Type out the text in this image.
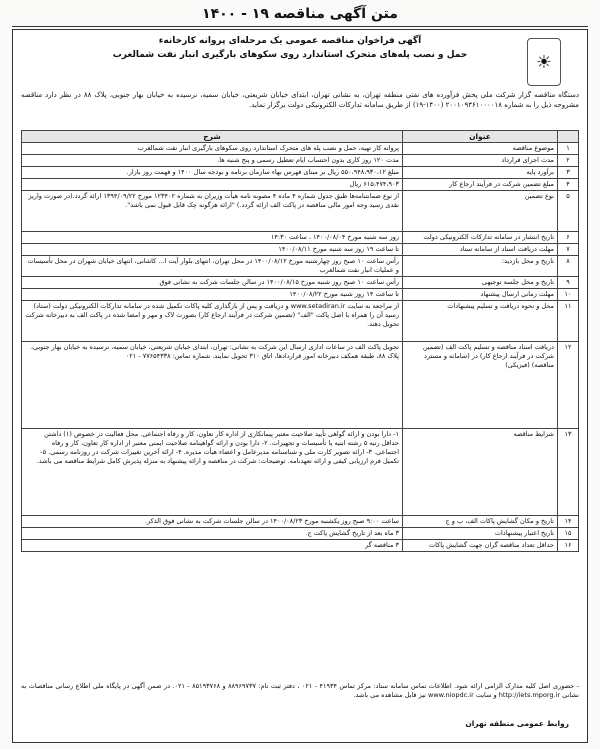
متن آگهی مناقصه ۱۹ - ۱۴۰۰
☀
آگهی فراخوان مناقصه عمومی یک مرحله‌ای پروانه کارخانه‌ء
حمل و نصب پله‌های متحرک استاندارد روی سکوهای بارگیری انبار نفت شمالغرب
دستگاه مناقصه گزار شرکت ملی پخش فرآورده های نفتی منطقه تهران، به نشانی تهران، ابتدای خیابان شریعتی، خیابان سمیه، نرسیده به خیابان بهار جنوبی، پلاک ۸۸ در نظر دارد مناقصه مشروحه ذیل را به شماره ۲۰۰۱۰۹۳۶۱۰۰۰۰۱۸ (۱۴۰۰-۱۹) از طریق سامانه تدارکات الکترونیکی دولت برگزار نماید.
	عنوان	شرح
۱	موضوع مناقصه	پروانه کار تهیه، حمل و نصب پله های متحرک استاندارد روی سکوهای بارگیری انبار نفت شمالغرب
۲	مدت اجرای قرارداد	مدت ۱۲۰ روز کاری بدون احتساب ایام تعطیل رسمی و پنج شنبه ها.
۳	برآورد پایه	مبلغ ۵۵۰،۹۴۸،۹۳۰،۱۲ ریال بر مبنای فهرس بهاء سازمان برنامه و بودجه سال ۱۴۰۰ و فهمت روز بازار.
۴	مبلغ تضمین شرکت در فرآیند ارجاع کار	۶۱۵،۴۷۴،۹۰۳ ریال
۵	نوع تضمین	از نوع ضمانتنامه‌ها طبق جدول شماره ۴ ماده ۴ مصوبه نامه هیأت وزیران به شماره ۱۲۳۴۰۲ مورخ ۱۳۹۴/۰۹/۲۲ ارائه گردد.(در صورت واریز نقدی رسید وجه امور مالی مناقصه در پاکت الف ارائه گردد.) "ارائه هرگونه چک قابل قبول نمی باشد".
۶	تاریخ انتشار در سامانه تدارکات الکترونیکی دولت	روز سه شنبه مورخ ۱۴۰۰/۰۸/۰۴ ، ساعت ۱۴:۳۰
۷	مهلت دریافت اسناد از سامانه ستاد	تا ساعت ۱۹ روز سه شنبه مورخ ۱۴۰۰/۰۸/۱۱
۸	تاریخ و محل بازدید:	رأس ساعت ۱۰ صبح روز چهارشنبه مورخ ۱۴۰۰/۰۸/۱۲ در محل تهران، انتهای بلوار آیت ا... کاشانی، انتهای خیابان شهران در محل تأسیسات و عملیات انبار نفت شمالغرب
۹	تاریخ و محل جلسه توجیهی	رأس ساعت ۱۰ صبح روز شنبه مورخ ۱۴۰۰/۰۸/۱۵ در سالن جلسات شرکت به نشانی فوق
۱۰	مهلت زمانی ارسال پیشنهاد	تا ساعت ۱۴ روز شنبه مورخ ۱۴۰۰/۰۸/۲۲
۱۱	محل و نحوه دریافت و تسلیم پیشنهادات	از مراجعه به سایت www.setadiran.ir و دریافت و پس از بارگذاری کلیه پاکات تکمیل شده در سامانه تدارکات الکترونیکی دولت (ستاد) رسید آن را همراه با اصل پاکت "الف" (تضمین شرکت در فرآیند ارجاع کار) بصورت لاک و مهر و امضا شده در پاکت الف به دبیرخانه شرکت تحویل دهند.
۱۲	دریافت اسناد مناقصه و تسلیم پاکت الف (تضمین شرکت در فرآیند ارجاع کار) در (سامانه و مسترد مناقصه) (فیزیکی)	تحویل پاکت الف در ساعات اداری ارسال این شرکت به نشانی: تهران، ابتدای خیابان شریعتی، خیابان سمیه، نرسیده به خیابان بهار جنوبی، پلاک ۸۸، طبقه همکف دبیرخانه امور قراردادها، اتاق ۳۱۰ تحویل نمایند. شماره تماس: ۷۷۶۵۴۳۳۸ - ۰۲۱
۱۳	شرایط مناقصه	۱- دارا بودن و ارائه گواهی تأیید صلاحیت معتبر پیمانکاری از اداره کار تعاون، کار و رفاه اجتماعی. محل فعالیت در خصوص (۱) داشتن حداقل رتبه ۵ رشته ابنیه یا تأسیسات و تجهیزات. ۲- دارا بودن و ارائه گواهینامه صلاحیت ایمنی معتبر از اداره کار تعاون، کار و رفاه اجتماعی. ۳- ارائه تصویر کارت ملی و شناسنامه مدیرعامل و اعضاء هیأت مدیره. ۴- ارائه آخرین تغییرات شرکت در روزنامه رسمی. ۵- تکمیل فرم ارزیابی کیفی و ارائه تعهدنامه. توضیحات: شرکت در مناقصه و ارائه پیشنهاد به منزله پذیرش کامل شرایط مناقصه می باشد.
۱۴	تاریخ و مکان گشایش پاکات الف، ب و ج	ساعت ۹:۰۰ صبح روز یکشنبه مورخ ۱۴۰۰/۰۸/۲۳ در سالن جلسات شرکت به نشانی فوق الذکر.
۱۵	تاریخ اعتبار پیشنهادات	۳ ماه بعد از تاریخ گشایش پاکت ج.
۱۶	حداقل تعداد مناقصه گران جهت گشایش پاکات	۳ مناقصه گر
- حضوری اصل کلیه مدارک الزامی ارائه شود. اطلاعات تماس سامانه ستاد: مرکز تماس ۴۱۹۳۴ - ۰۲۱ ، دفتر ثبت نام: ۸۸۹۶۹۷۳۷ و ۸۵۱۹۳۷۶۸ - ۰۲۱. در ضمن آگهی در پایگاه ملی اطلاع رسانی مناقصات به نشانی http://iets.mporg.ir و سایت www.niopdc.ir نیز قابل مشاهده می باشد.
روابط عمومی منطقه تهران
